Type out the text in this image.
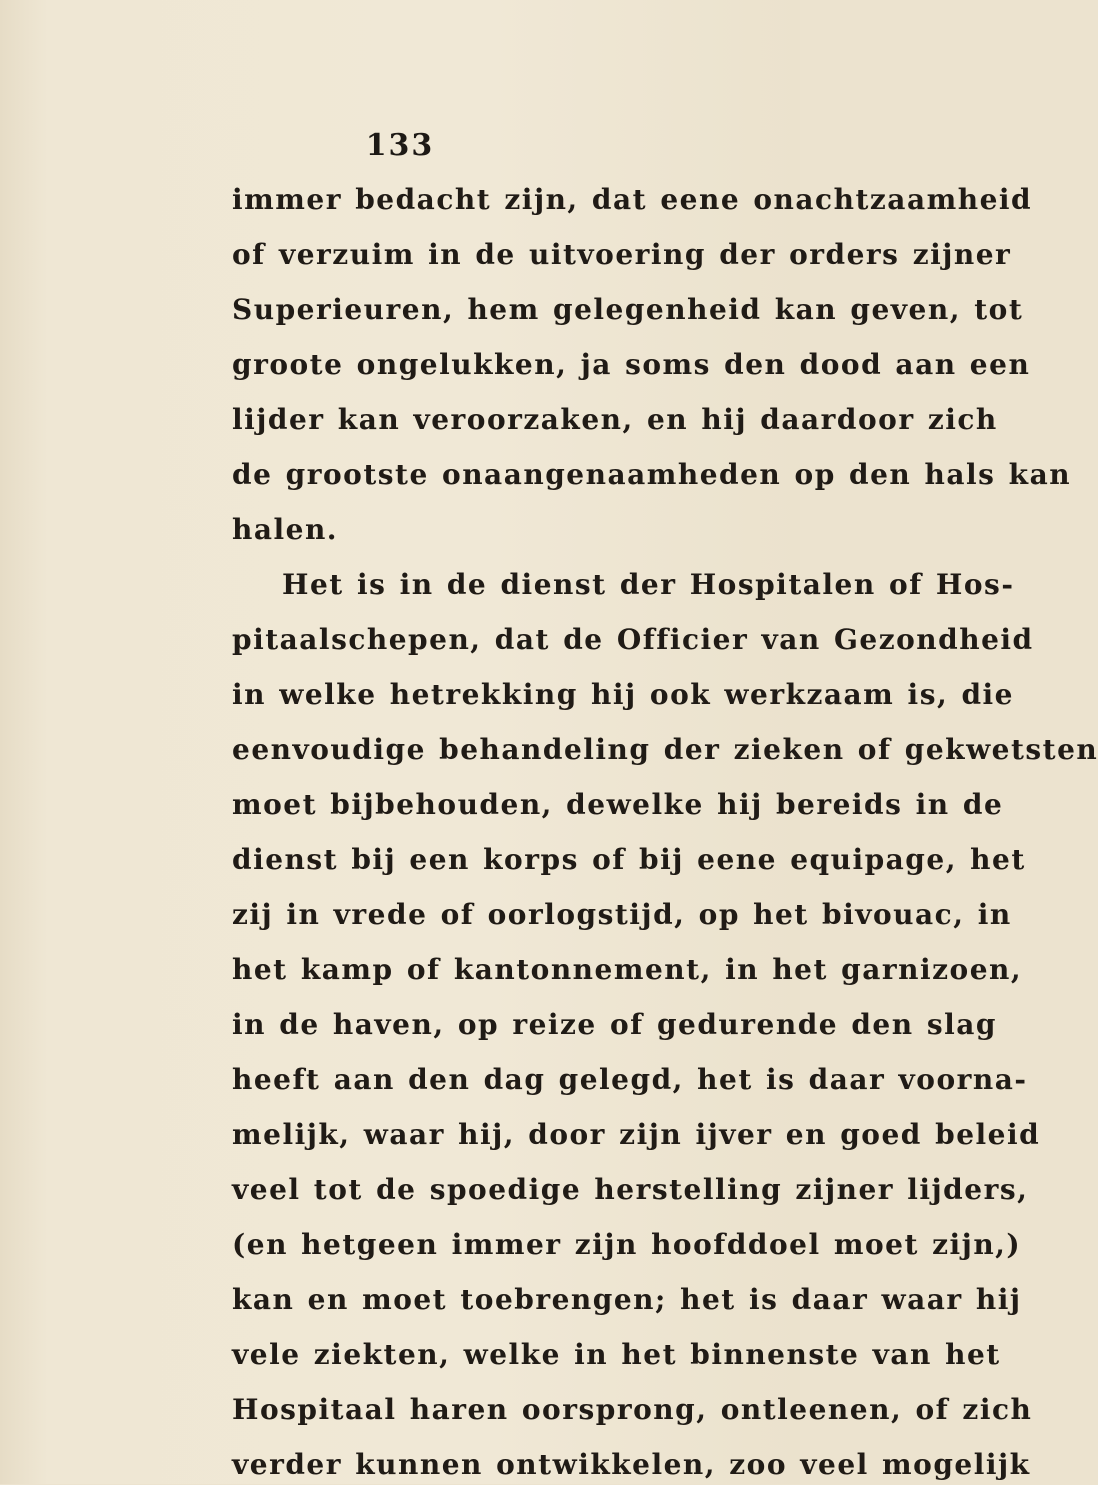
133
immer bedacht zijn, dat eene onachtzaamheid
of verzuim in de uitvoering der orders zijner
Superieuren, hem gelegenheid kan geven, tot
groote ongelukken, ja soms den dood aan een
lijder kan veroorzaken, en hij daardoor zich
de grootste onaangenaamheden op den hals kan
halen.
Het is in de dienst der Hospitalen of Hos-
pitaalschepen, dat de Officier van Gezondheid
in welke hetrekking hij ook werkzaam is, die
eenvoudige behandeling der zieken of gekwetsten
moet bijbehouden, dewelke hij bereids in de
dienst bij een korps of bij eene equipage, het
zij in vrede of oorlogstijd, op het bivouac, in
het kamp of kantonnement, in het garnizoen,
in de haven, op reize of gedurende den slag
heeft aan den dag gelegd, het is daar voorna-
melijk, waar hij, door zijn ijver en goed beleid
veel tot de spoedige herstelling zijner lijders,
(en hetgeen immer zijn hoofddoel moet zijn,)
kan en moet toebrengen; het is daar waar hij
vele ziekten, welke in het binnenste van het
Hospitaal haren oorsprong, ontleenen, of zich
verder kunnen ontwikkelen, zoo veel mogelijk
